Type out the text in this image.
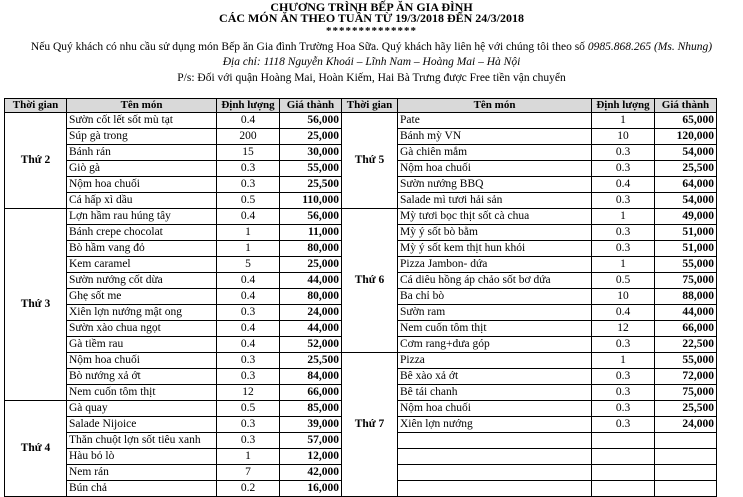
CHƯƠNG TRÌNH BẾP ĂN GIA ĐÌNH
CÁC MÓN ĂN THEO TUẦN TỪ 19/3/2018 ĐẾN 24/3/2018
**************
Nếu Quý khách có nhu cầu sử dụng món Bếp ăn Gia đình Trường Hoa Sữa. Quý khách hãy liên hệ với chúng tôi theo số 0985.868.265 (Ms. Nhung)
Địa chỉ: 1118 Nguyễn Khoái – Lĩnh Nam – Hoàng Mai – Hà Nội
P/s: Đối với quận Hoàng Mai, Hoàn Kiếm, Hai Bà Trưng được Free tiền vận chuyển
Thời gian	Tên món	Định lượng	Giá thành	Thời gian	Tên món	Định lượng	Giá thành
Thứ 2	Sườn cốt lết sốt mù tạt	0.4	56,000	Thứ 5	Pate	1	65,000
	Súp gà trong	200	25,000		Bánh mỳ VN	10	120,000
	Bánh rán	15	30,000		Gà chiên mắm	0.3	54,000
	Giò gà	0.3	55,000		Nộm hoa chuối	0.3	25,500
	Nộm hoa chuối	0.3	25,500		Sườn nướng BBQ	0.4	64,000
	Cá hấp xì dầu	0.5	110,000		Salade mì tươi hải sản	0.3	54,000
Thứ 3	Lợn hầm rau húng tây	0.4	56,000	Thứ 6	Mỳ tươi bọc thịt sốt cà chua	1	49,000
	Bánh crepe chocolat	1	11,000		Mỳ ý sốt bò bằm	0.3	51,000
	Bò hầm vang đỏ	1	80,000		Mỳ ý sốt kem thịt hun khói	0.3	51,000
	Kem caramel	5	25,000		Pizza Jambon- dứa	1	55,000
	Sườn nướng cốt dừa	0.4	44,000		Cá diêu hồng áp chảo sốt bơ dứa	0.5	75,000
	Ghẹ sốt me	0.4	80,000		Ba chỉ bò	10	88,000
	Xiên lợn nướng mật ong	0.3	24,000		Sườn ram	0.4	44,000
	Sườn xào chua ngọt	0.4	44,000		Nem cuốn tôm thịt	12	66,000
	Gà tiềm rau	0.4	52,000		Cơm rang+dưa góp	0.3	22,500
	Nộm hoa chuối	0.3	25,500	Thứ 7	Pizza	1	55,000
	Bò nướng xả ớt	0.3	84,000		Bê xào xả ớt	0.3	72,000
	Nem cuốn tôm thịt	12	66,000		Bê tái chanh	0.3	75,000
Thứ 4	Gà quay	0.5	85,000		Nộm hoa chuối	0.3	25,500
	Salade Nijoice	0.3	39,000		Xiên lợn nướng	0.3	24,000
	Thăn chuột lợn sốt tiêu xanh	0.3	57,000				
	Hàu bỏ lò	1	12,000				
	Nem rán	7	42,000				
	Bún chả	0.2	16,000				
